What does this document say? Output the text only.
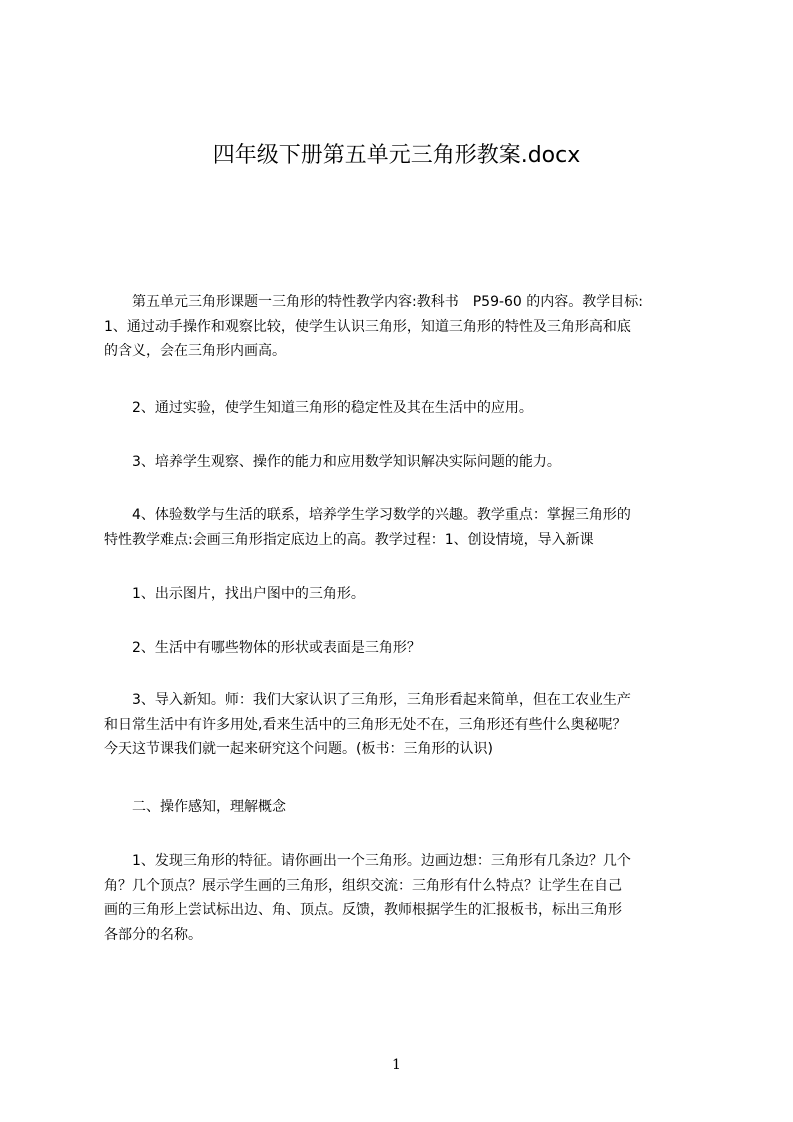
四年级下册第五单元三角形教案.docx
　　第五单元三角形课题一三角形的特性教学内容:教科书　P59-60 的内容。教学目标:
1、通过动手操作和观察比较，使学生认识三角形，知道三角形的特性及三角形高和底
的含义，会在三角形内画高。
　　2、通过实验，使学生知道三角形的稳定性及其在生活中的应用。
　　3、培养学生观察、操作的能力和应用数学知识解决实际问题的能力。
　　4、体验数学与生活的联系，培养学生学习数学的兴趣。教学重点：掌握三角形的
特性教学难点:会画三角形指定底边上的高。教学过程：1、创设情境，导入新课
　　1、出示图片，找出户图中的三角形。
　　2、生活中有哪些物体的形状或表面是三角形？
　　3、导入新知。师：我们大家认识了三角形，三角形看起来简单，但在工农业生产
和日常生活中有许多用处,看来生活中的三角形无处不在，三角形还有些什么奥秘呢？
今天这节课我们就一起来研究这个问题。(板书：三角形的认识)
　　二、操作感知，理解概念
　　1、发现三角形的特征。请你画出一个三角形。边画边想：三角形有几条边？几个
角？几个顶点？展示学生画的三角形，组织交流：三角形有什么特点？让学生在自己
画的三角形上尝试标出边、角、顶点。反馈，教师根据学生的汇报板书，标出三角形
各部分的名称。
1
